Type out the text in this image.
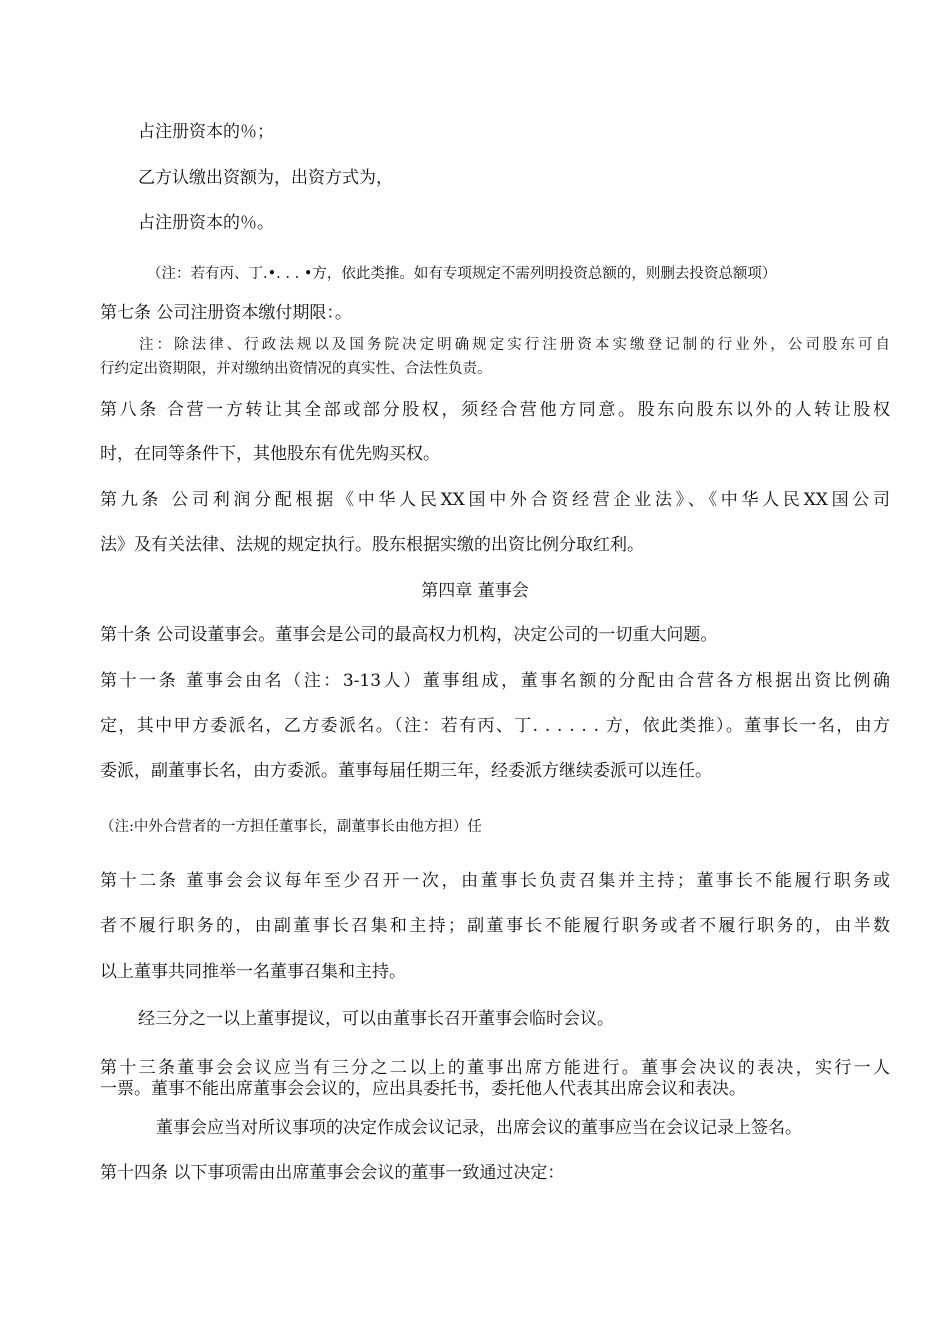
占注册资本的％；
乙方认缴出资额为，出资方式为，
占注册资本的％。
（注：若有丙、丁.•. . . •方，依此类推。如有专项规定不需列明投资总额的，则删去投资总额项）
第七条 公司注册资本缴付期限：。
注：除法律、行政法规以及国务院决定明确规定实行注册资本实缴登记制的行业外，公司股东可自
行约定出资期限，并对缴纳出资情况的真实性、合法性负责。
第八条 合营一方转让其全部或部分股权，须经合营他方同意。股东向股东以外的人转让股权
时，在同等条件下，其他股东有优先购买权。
第九条 公司利润分配根据《中华人民XX国中外合资经营企业法》、《中华人民XX国公司
法》及有关法律、法规的规定执行。股东根据实缴的出资比例分取红利。
第四章 董事会
第十条 公司设董事会。董事会是公司的最高权力机构，决定公司的一切重大问题。
第十一条 董事会由名（注：3-13人）董事组成，董事名额的分配由合营各方根据出资比例确
定，其中甲方委派名，乙方委派名。（注：若有丙、丁. . . . . . 方，依此类推）。董事长一名，由方
委派，副董事长名，由方委派。董事每届任期三年，经委派方继续委派可以连任。
（注:中外合营者的一方担任董事长，副董事长由他方担）任
第十二条 董事会会议每年至少召开一次，由董事长负责召集并主持；董事长不能履行职务或
者不履行职务的，由副董事长召集和主持；副董事长不能履行职务或者不履行职务的，由半数
以上董事共同推举一名董事召集和主持。
经三分之一以上董事提议，可以由董事长召开董事会临时会议。
第十三条董事会会议应当有三分之二以上的董事出席方能进行。董事会决议的表决，实行一人
一票。董事不能出席董事会会议的，应出具委托书，委托他人代表其出席会议和表决。
董事会应当对所议事项的决定作成会议记录，出席会议的董事应当在会议记录上签名。
第十四条 以下事项需由出席董事会会议的董事一致通过决定：
